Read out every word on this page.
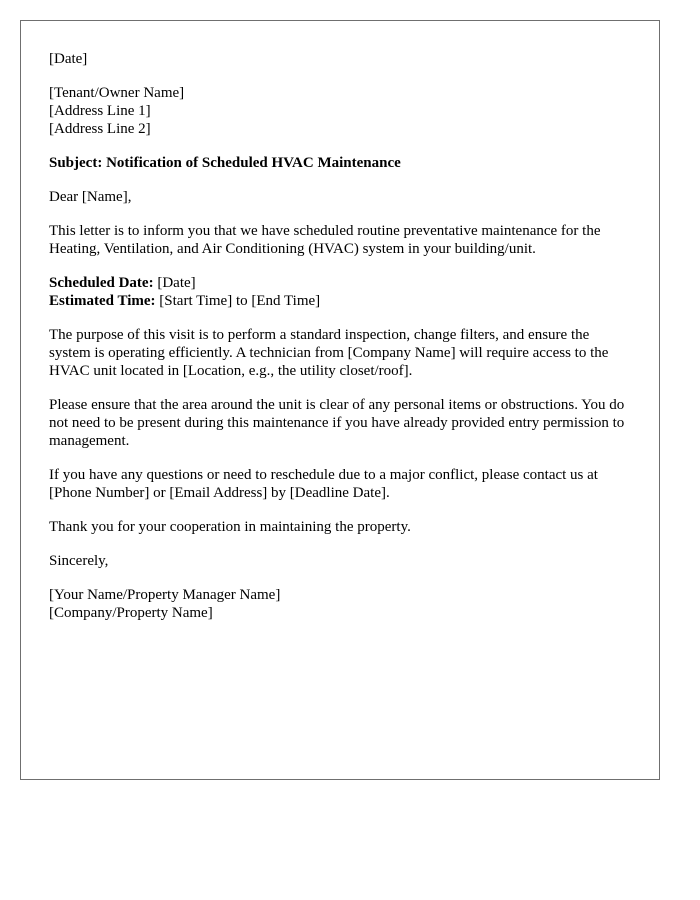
[Date]

[Tenant/Owner Name]
[Address Line 1]
[Address Line 2]

Subject: Notification of Scheduled HVAC Maintenance

Dear [Name],

This letter is to inform you that we have scheduled routine preventative maintenance for the Heating, Ventilation, and Air Conditioning (HVAC) system in your building/unit.

Scheduled Date: [Date]
Estimated Time: [Start Time] to [End Time]

The purpose of this visit is to perform a standard inspection, change filters, and ensure the system is operating efficiently. A technician from [Company Name] will require access to the HVAC unit located in [Location, e.g., the utility closet/roof].

Please ensure that the area around the unit is clear of any personal items or obstructions. You do not need to be present during this maintenance if you have already provided entry permission to management.

If you have any questions or need to reschedule due to a major conflict, please contact us at [Phone Number] or [Email Address] by [Deadline Date].

Thank you for your cooperation in maintaining the property.

Sincerely,

[Your Name/Property Manager Name]
[Company/Property Name]
